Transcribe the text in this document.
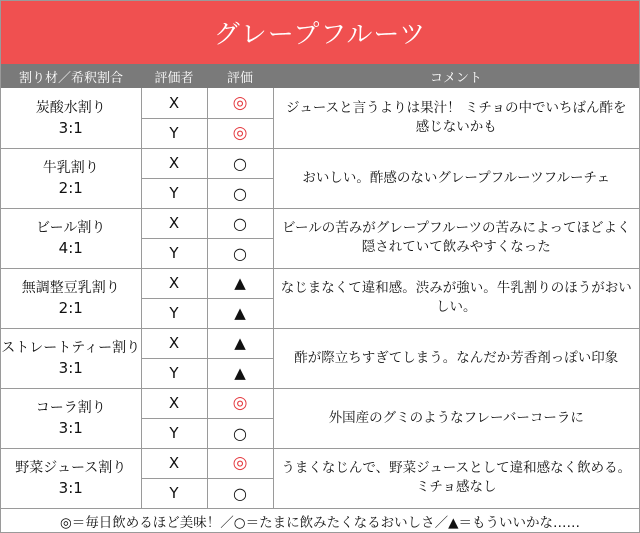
グレープフルーツ
割り材／希釈割合	評価者	評価	コメント
炭酸水割り
3:1	X	◎	ジュースと言うよりは果汁！ ミチョの中でいちばん酢を感じないかも
	Y	◎	
牛乳割り
2:1	X	○	おいしい。酢感のないグレープフルーツフルーチェ
	Y	○	
ビール割り
4:1	X	○	ビールの苦みがグレープフルーツの苦みによってほどよく隠されていて飲みやすくなった
	Y	○	
無調整豆乳割り
2:1	X	▲	なじまなくて違和感。渋みが強い。牛乳割りのほうがおいしい。
	Y	▲	
ストレートティー割り
3:1	X	▲	酢が際立ちすぎてしまう。なんだか芳香剤っぽい印象
	Y	▲	
コーラ割り
3:1	X	◎	外国産のグミのようなフレーバーコーラに
	Y	○	
野菜ジュース割り
3:1	X	◎	うまくなじんで、野菜ジュースとして違和感なく飲める。ミチョ感なし
	Y	○	
◎＝毎日飲めるほど美味！／○＝たまに飲みたくなるおいしさ／▲＝もういいかな……
